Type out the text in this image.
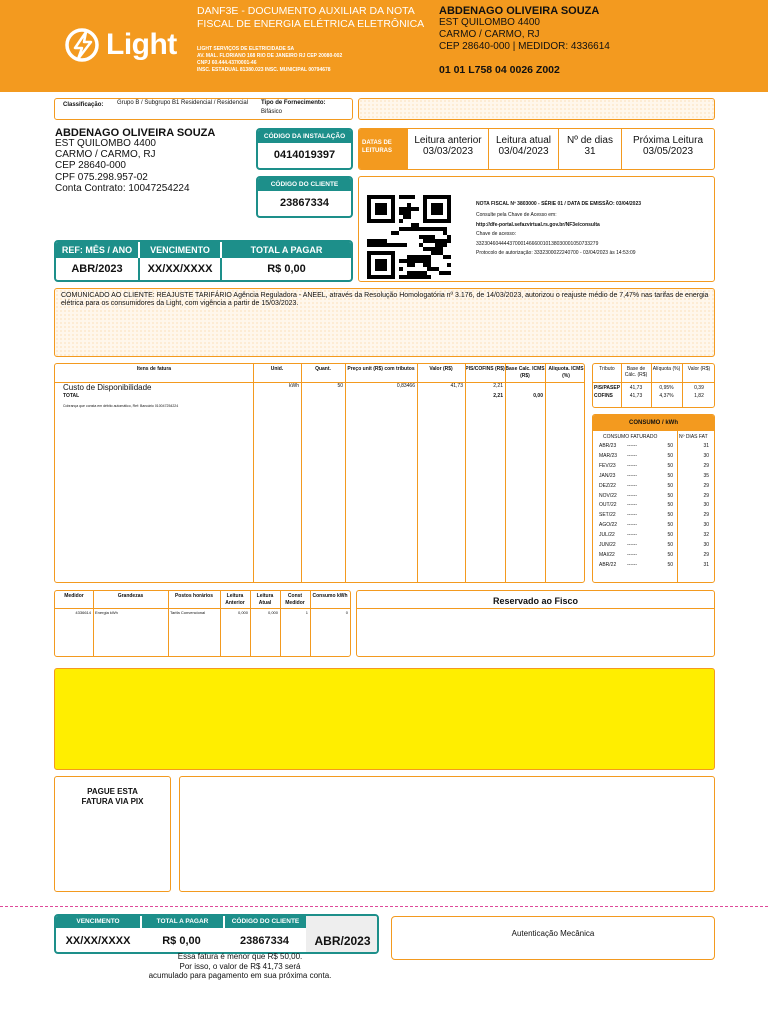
Light
DANF3E - DOCUMENTO AUXILIAR DA NOTA FISCAL DE ENERGIA ELÉTRICA ELETRÔNICA
LIGHT SERVIÇOS DE ELETRICIDADE SA
AV. MAL. FLORIANO 168 RIO DE JANEIRO RJ CEP 20080-002
CNPJ 60.444.437/0001-46
INSC. ESTADUAL 81380.023 INSC. MUNICIPAL 00794678
ABDENAGO OLIVEIRA SOUZA
EST QUILOMBO 4400
CARMO / CARMO, RJ
CEP 28640-000 | MEDIDOR: 4336614
01 01 L758 04 0026 Z002
Classificação: Grupo B / Subgrupo B1 Residencial / Residencial	Tipo de Fornecimento:
Bifásico
ABDENAGO OLIVEIRA SOUZA
EST QUILOMBO 4400
CARMO / CARMO, RJ
CEP 28640-000
CPF 075.298.957-02
Conta Contrato: 10047254224
CÓDIGO DA INSTALAÇÃO
0414019397
CÓDIGO DO CLIENTE
23867334
DATAS DE LEITURAS
Leitura anterior
03/03/2023
Leitura atual
03/04/2023
Nº de dias
31
Próxima Leitura
03/05/2023
REF: MÊS / ANO
ABR/2023
VENCIMENTO
XX/XX/XXXX
TOTAL A PAGAR
R$ 0,00
NOTA FISCAL Nº 3803000 - SÉRIE 01 / DATA DE EMISSÃO: 03/04/2023
Consulte pela Chave de Acesso em:
http://dfe-portal.sefazvirtual.rs.gov.br/NF3e/consulta
Chave de acesso:
33230460444437000146660010138030001050733279
Protocolo de autorização: 3332300022240700 - 03/04/2023 às 14:53:09
COMUNICADO AO CLIENTE: REAJUSTE TARIFÁRIO Agência Reguladora - ANEEL, através da Resolução Homologatória nº 3.176, de 14/03/2023, autorizou o reajuste médio de 7,47% nas tarifas de energia elétrica para os consumidores da Light, com vigência a partir de 15/03/2023.
Itens de fatura	Unid.	Quant.	Preço unit (R$) com tributos	Valor (R$)	PIS/COFINS (R$) Base Calc. ICMS (R$)
Aliquota. ICMS (%)
Custo de Disponibilidade	kWh	50	0,83466	41,73	2,21
TOTAL	2,21	0,00
Cobrança que consta em débito automático, Ref: Bancário 010047254224
Tributo	Base de Cálc. (R$)
Alíquota (%)	Valor (R$)
PIS/PASEP	41,73	0,95%	0,39
COFINS	41,73	4,37%	1,82
CONSUMO / kWh
CONSUMO FATURADO	Nº DIAS FAT
ABR/23 ------	50	31
MAR/23 ------	50	30
FEV/23 ------	50	29
JAN/23 ------	50	35
DEZ/22 ------	50	29
NOV/22 ------	50	29
OUT/22 ------	50	30
SET/22 ------	50	29
AGO/22 ------	50	30
JUL/22 ------	50	32
JUN/22 ------	50	30
MAI/22 ------	50	29
ABR/22 ------	50	31
Medidor	Grandezas	Postos horários	Leitura Anterior
Leitura Atual
Const Medidor
Consumo kWh
4336614	Energia kWh	Tarifa Convencional	0,000	0,000	1	0
Reservado ao Fisco
PAGUE ESTA FATURA VIA PIX
VENCIMENTO
XX/XX/XXXX
TOTAL A PAGAR
R$ 0,00
CÓDIGO DO CLIENTE
23867334	ABR/2023
Autenticação Mecânica
Essa fatura é menor que R$ 50,00.
Por isso, o valor de R$ 41,73 será
acumulado para pagamento em sua próxima conta.
